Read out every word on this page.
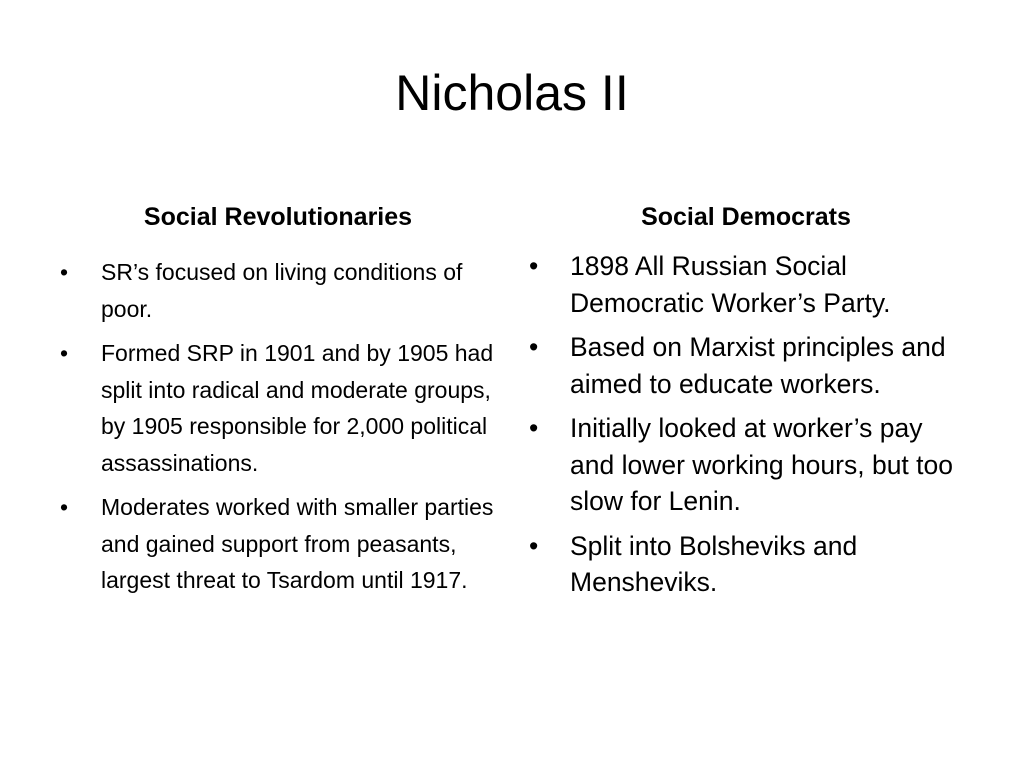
Nicholas II
Social Revolutionaries	Social Democrats
• SR’s focused on living conditions of poor.
• Formed SRP in 1901 and by 1905 had split into radical and moderate groups, by 1905 responsible for 2,000 political assassinations.
• Moderates worked with smaller parties and gained support from peasants, largest threat to Tsardom until 1917.
• 1898 All Russian Social Democratic Worker’s Party.
• Based on Marxist principles and aimed to educate workers.
• Initially looked at worker’s pay and lower working hours, but too slow for Lenin.
• Split into Bolsheviks and Mensheviks.
